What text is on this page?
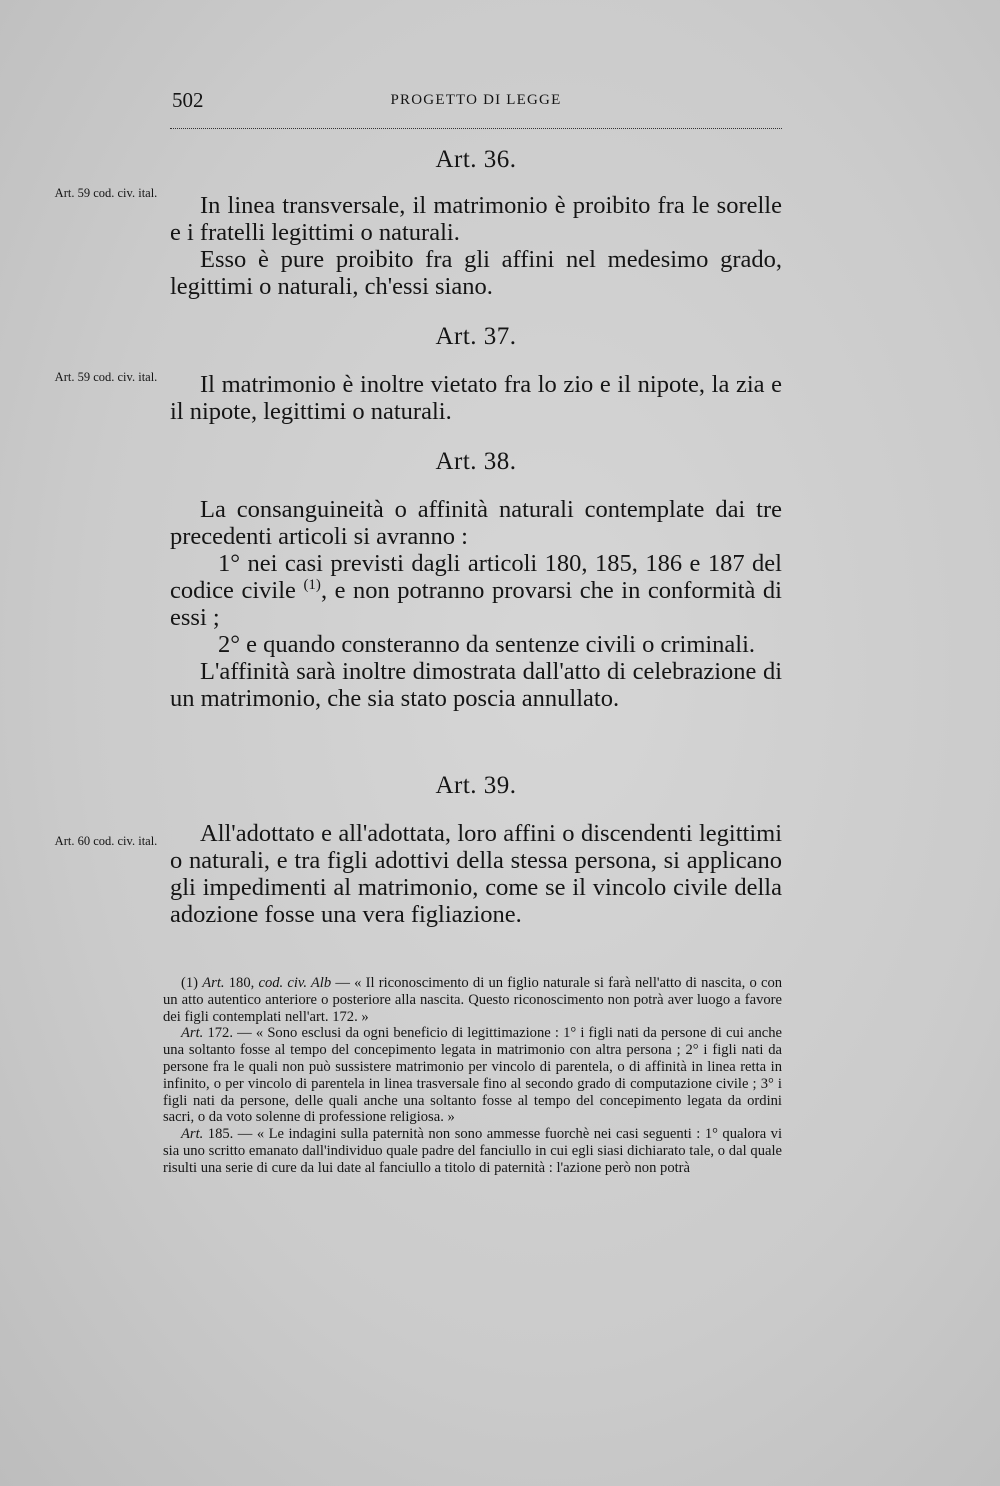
502	PROGETTO DI LEGGE
Art. 36.
Art. 59 cod. civ. ital.	In linea transversale, il matrimonio è proibito fra le sorelle e i fratelli legittimi o naturali.

Esso è pure proibito fra gli affini nel medesimo grado, legittimi o naturali, ch'essi siano.

Art. 37.
Art. 59 cod. civ. ital.	Il matrimonio è inoltre vietato fra lo zio e il nipote, la zia e il nipote, legittimi o naturali.

Art. 38.

La consanguineità o affinità naturali contemplate dai tre precedenti articoli si avranno :

1° nei casi previsti dagli articoli 180, 185, 186 e 187 del codice civile $^{(1)}$, e non potranno provarsi che in conformità di essi ;

2° e quando consteranno da sentenze civili o criminali.

L'affinità sarà inoltre dimostrata dall'atto di celebrazione di un matrimonio, che sia stato poscia annullato.

Art. 39.
Art. 60 cod. civ. ital.	All'adottato e all'adottata, loro affini o discendenti legittimi o naturali, e tra figli adottivi della stessa persona, si applicano gli impedimenti al matrimonio, come se il vincolo civile della adozione fosse una vera figliazione.

(1) Art. 180, cod. civ. Alb — « Il riconoscimento di un figlio naturale si farà nell'atto di nascita, o con un atto autentico anteriore o posteriore alla nascita. Questo riconoscimento non potrà aver luogo a favore dei figli contemplati nell'art. 172. »

Art. 172. — « Sono esclusi da ogni beneficio di legittimazione : 1° i figli nati da persone di cui anche una soltanto fosse al tempo del concepimento legata in matrimonio con altra persona ; 2° i figli nati da persone fra le quali non può sussistere matrimonio per vincolo di parentela, o di affinità in linea retta in infinito, o per vincolo di parentela in linea trasversale fino al secondo grado di computazione civile ; 3° i figli nati da persone, delle quali anche una soltanto fosse al tempo del concepimento legata da ordini sacri, o da voto solenne di professione religiosa. »

Art. 185. — « Le indagini sulla paternità non sono ammesse fuorchè nei casi seguenti : 1° qualora vi sia uno scritto emanato dall'individuo quale padre del fanciullo in cui egli siasi dichiarato tale, o dal quale risulti una serie di cure da lui date al fanciullo a titolo di paternità : l'azione però non potrà
